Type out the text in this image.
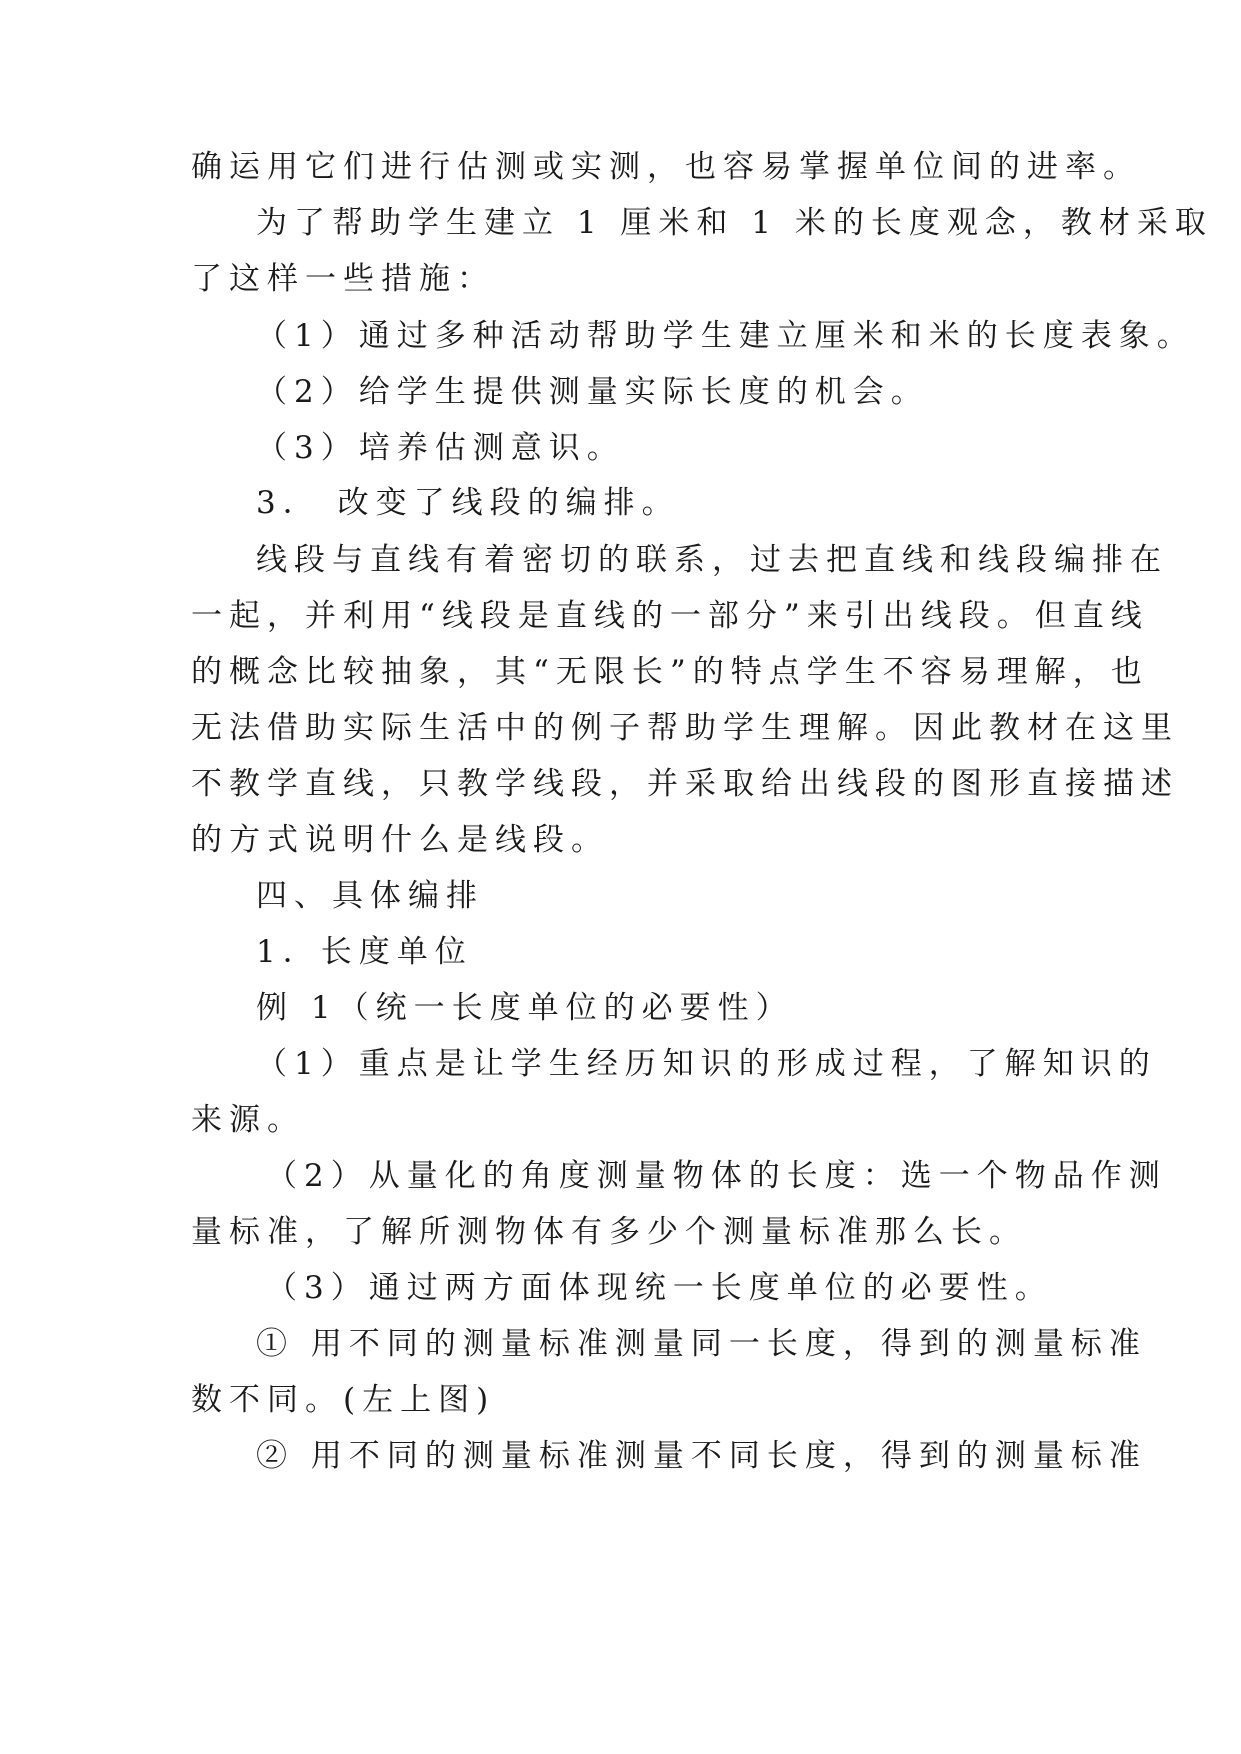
确运用它们进行估测或实测，也容易掌握单位间的进率。
为了帮助学生建立 1 厘米和 1 米的长度观念，教材采取
了这样一些措施：
（1）通过多种活动帮助学生建立厘米和米的长度表象。
（2）给学生提供测量实际长度的机会。
（3）培养估测意识。
3． 改变了线段的编排。
线段与直线有着密切的联系，过去把直线和线段编排在
一起，并利用“线段是直线的一部分”来引出线段。但直线
的概念比较抽象，其“无限长”的特点学生不容易理解，也
无法借助实际生活中的例子帮助学生理解。因此教材在这里
不教学直线，只教学线段，并采取给出线段的图形直接描述
的方式说明什么是线段。
四、具体编排
1．长度单位
例 1（统一长度单位的必要性）
（1）重点是让学生经历知识的形成过程，了解知识的
来源。
（2）从量化的角度测量物体的长度：选一个物品作测
量标准，了解所测物体有多少个测量标准那么长。
（3）通过两方面体现统一长度单位的必要性。
① 用不同的测量标准测量同一长度，得到的测量标准
数不同。(左上图)
② 用不同的测量标准测量不同长度，得到的测量标准
